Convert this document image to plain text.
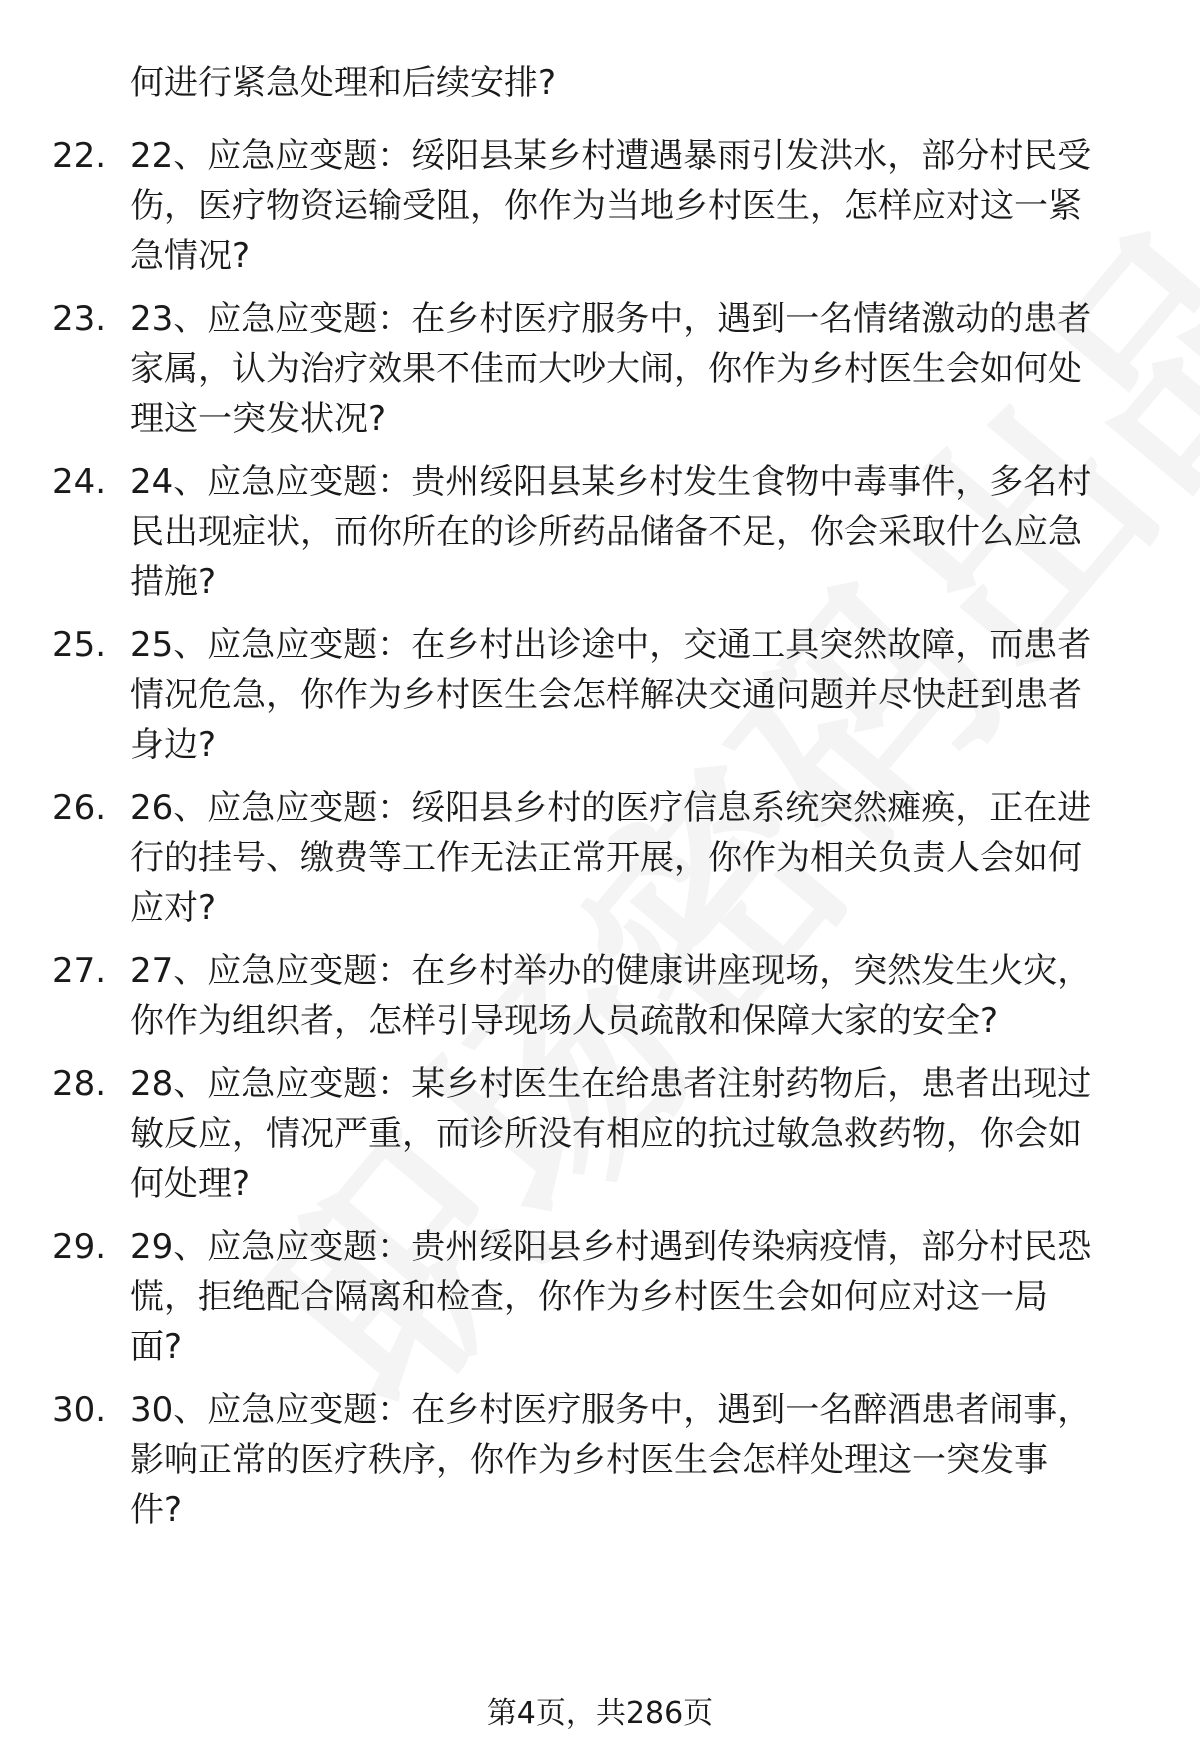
何进行紧急处理和后续安排?
22. 22、应急应变题：绥阳县某乡村遭遇暴雨引发洪水，部分村民受
伤，医疗物资运输受阻，你作为当地乡村医生，怎样应对这一紧
急情况?
23. 23、应急应变题：在乡村医疗服务中，遇到一名情绪激动的患者
家属，认为治疗效果不佳而大吵大闹，你作为乡村医生会如何处
理这一突发状况?
24. 24、应急应变题：贵州绥阳县某乡村发生食物中毒事件，多名村
民出现症状，而你所在的诊所药品储备不足，你会采取什么应急
措施?
25. 25、应急应变题：在乡村出诊途中，交通工具突然故障，而患者
情况危急，你作为乡村医生会怎样解决交通问题并尽快赶到患者
身边?
26. 26、应急应变题：绥阳县乡村的医疗信息系统突然瘫痪，正在进
行的挂号、缴费等工作无法正常开展，你作为相关负责人会如何
应对?
27. 27、应急应变题：在乡村举办的健康讲座现场，突然发生火灾，
你作为组织者，怎样引导现场人员疏散和保障大家的安全?
28. 28、应急应变题：某乡村医生在给患者注射药物后，患者出现过
敏反应，情况严重，而诊所没有相应的抗过敏急救药物，你会如
何处理?
29. 29、应急应变题：贵州绥阳县乡村遇到传染病疫情，部分村民恐
慌，拒绝配合隔离和检查，你作为乡村医生会如何应对这一局
面?
30. 30、应急应变题：在乡村医疗服务中，遇到一名醉酒患者闹事，
影响正常的医疗秩序，你作为乡村医生会怎样处理这一突发事
件?
第4页，共286页
